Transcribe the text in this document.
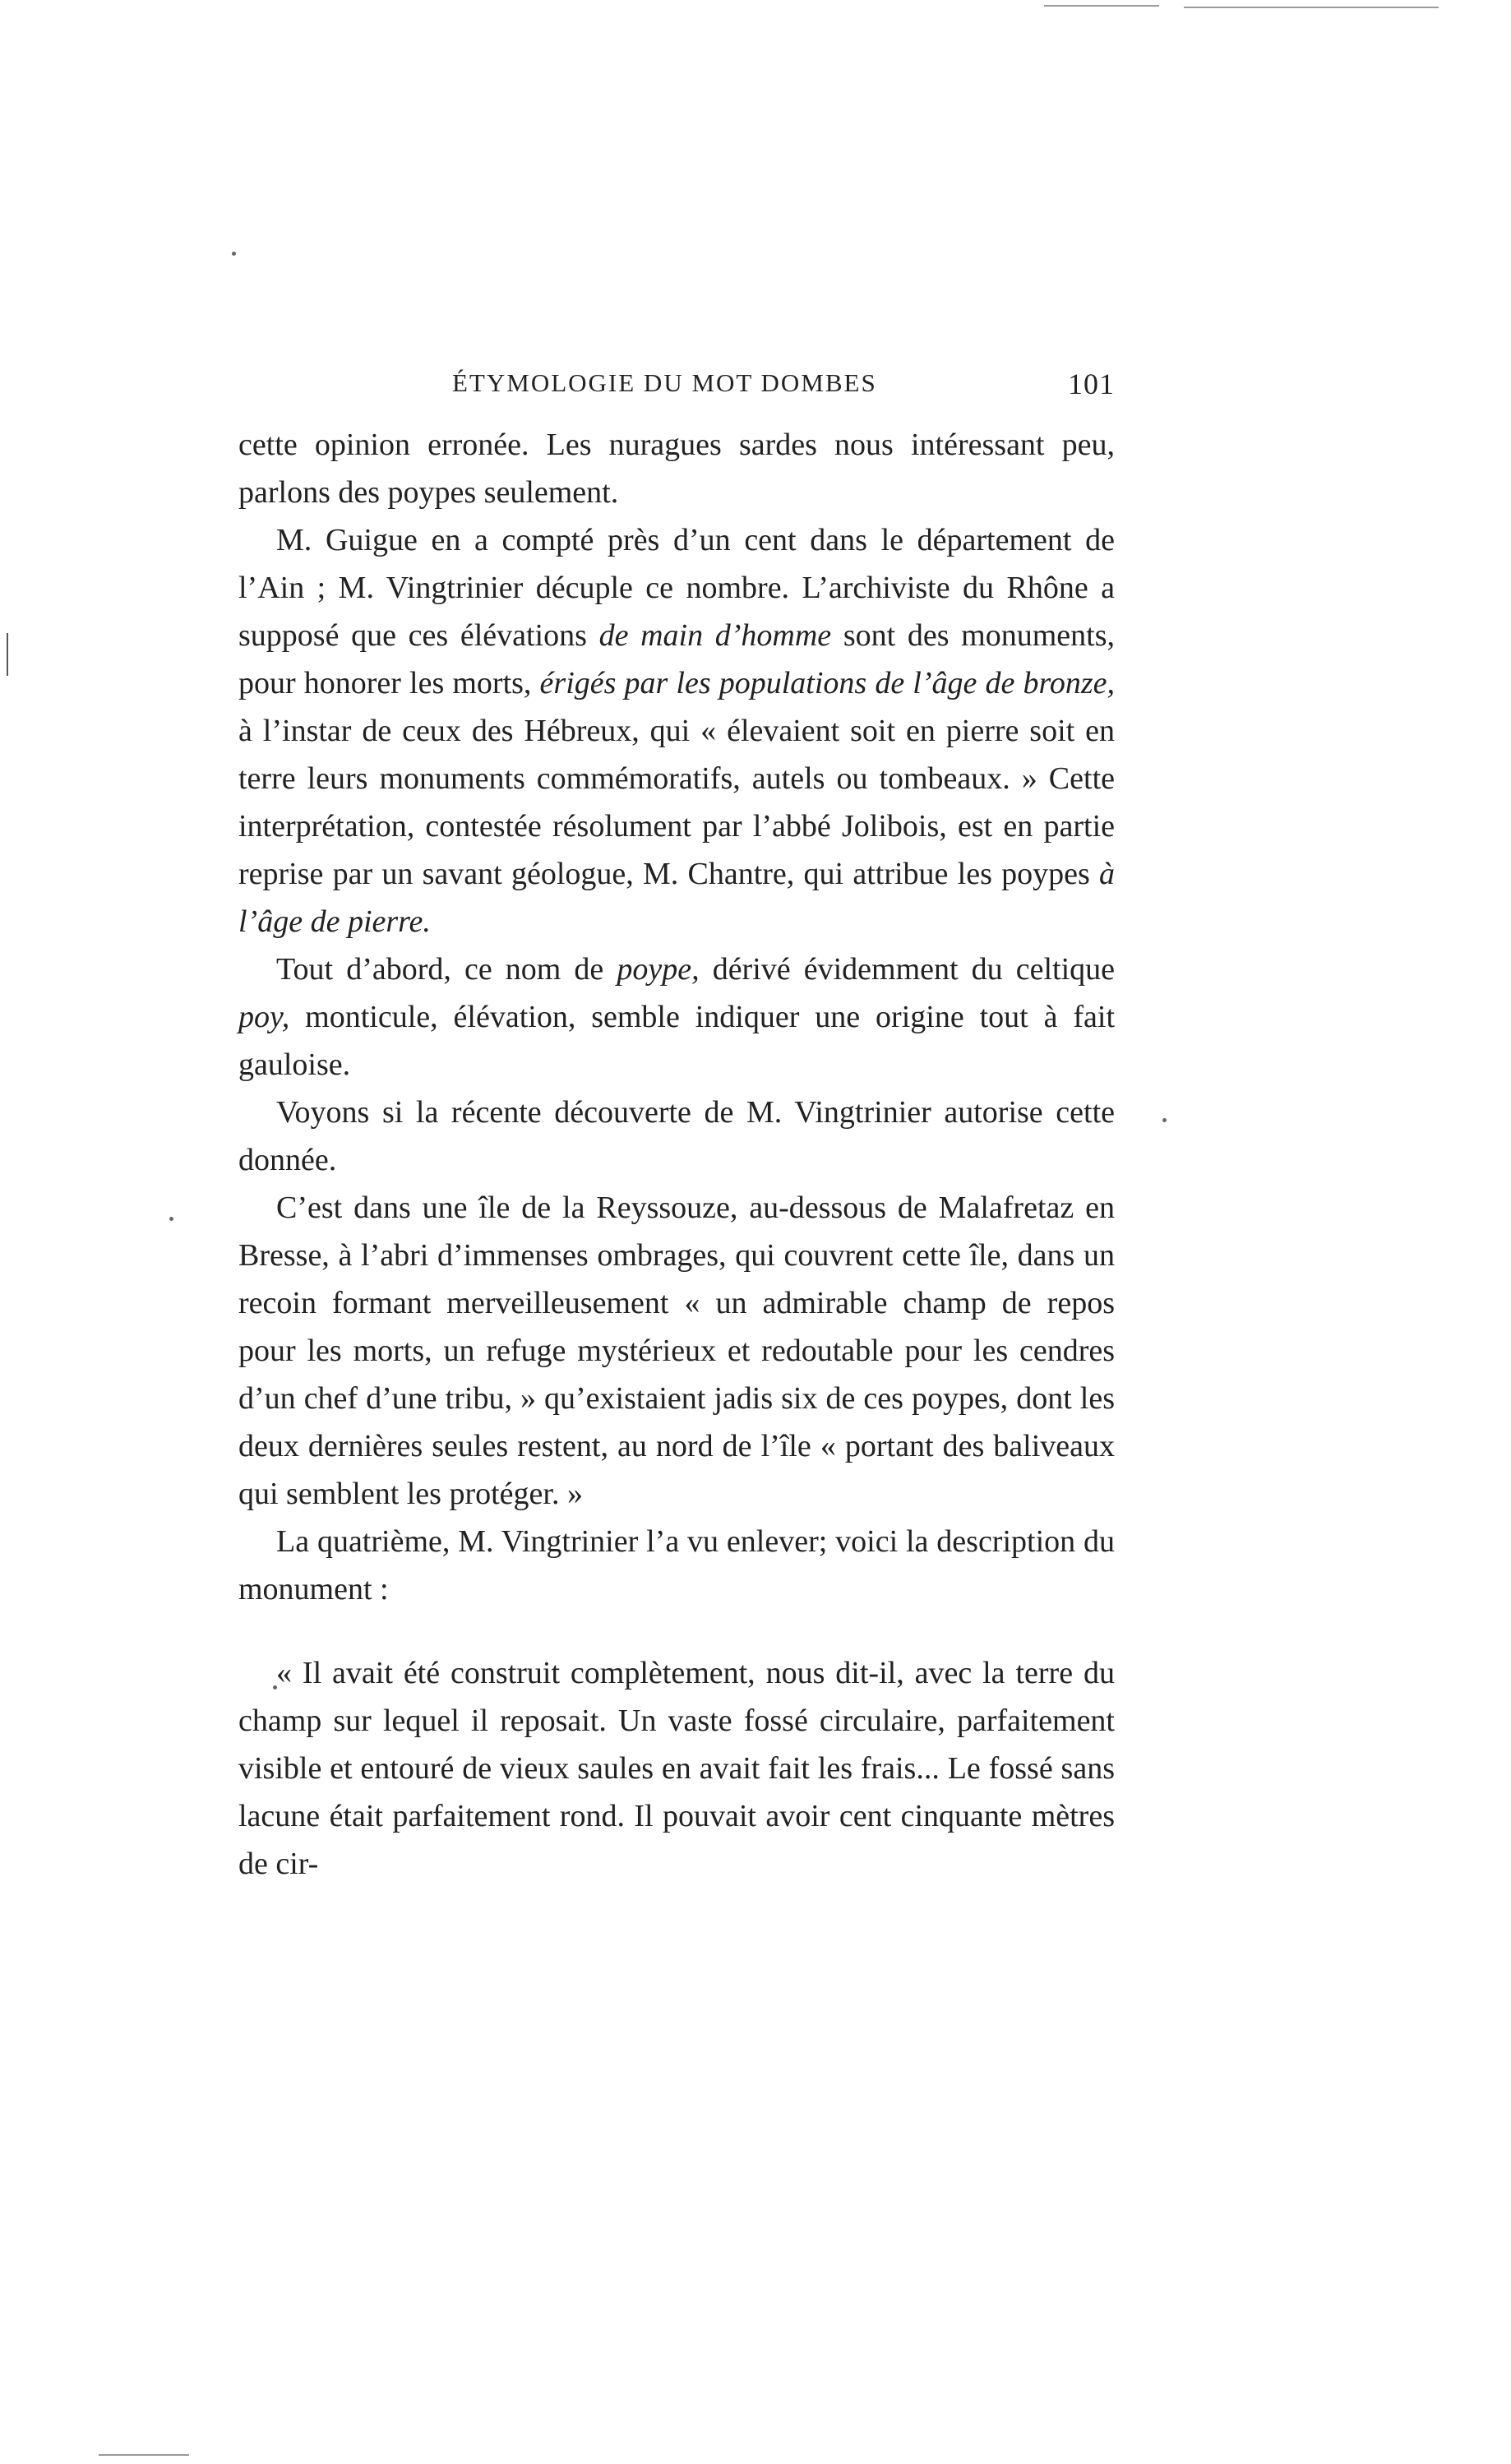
ÉTYMOLOGIE DU MOT DOMBES	101

cette opinion erronée. Les nuragues sardes nous intéressant peu, parlons des poypes seulement.

M. Guigue en a compté près d’un cent dans le département de l’Ain ; M. Vingtrinier décuple ce nombre. L’archiviste du Rhône a supposé que ces élévations de main d’homme sont des monuments, pour honorer les morts, érigés par les populations de l’âge de bronze, à l’instar de ceux des Hébreux, qui « élevaient soit en pierre soit en terre leurs monuments commémoratifs, autels ou tombeaux. » Cette interprétation, contestée résolument par l’abbé Jolibois, est en partie reprise par un savant géologue, M. Chantre, qui attribue les poypes à l’âge de pierre.

Tout d’abord, ce nom de poype, dérivé évidemment du celtique poy, monticule, élévation, semble indiquer une origine tout à fait gauloise.

Voyons si la récente découverte de M. Vingtrinier autorise cette donnée.

C’est dans une île de la Reyssouze, au-dessous de Malafretaz en Bresse, à l’abri d’immenses ombrages, qui couvrent cette île, dans un recoin formant merveilleusement « un admirable champ de repos pour les morts, un refuge mystérieux et redoutable pour les cendres d’un chef d’une tribu, » qu’existaient jadis six de ces poypes, dont les deux dernières seules restent, au nord de l’île « portant des baliveaux qui semblent les protéger. »

La quatrième, M. Vingtrinier l’a vu enlever; voici la description du monument :

« Il avait été construit complètement, nous dit-il, avec la terre du champ sur lequel il reposait. Un vaste fossé circulaire, parfaitement visible et entouré de vieux saules en avait fait les frais... Le fossé sans lacune était parfaitement rond. Il pouvait avoir cent cinquante mètres de cir-
